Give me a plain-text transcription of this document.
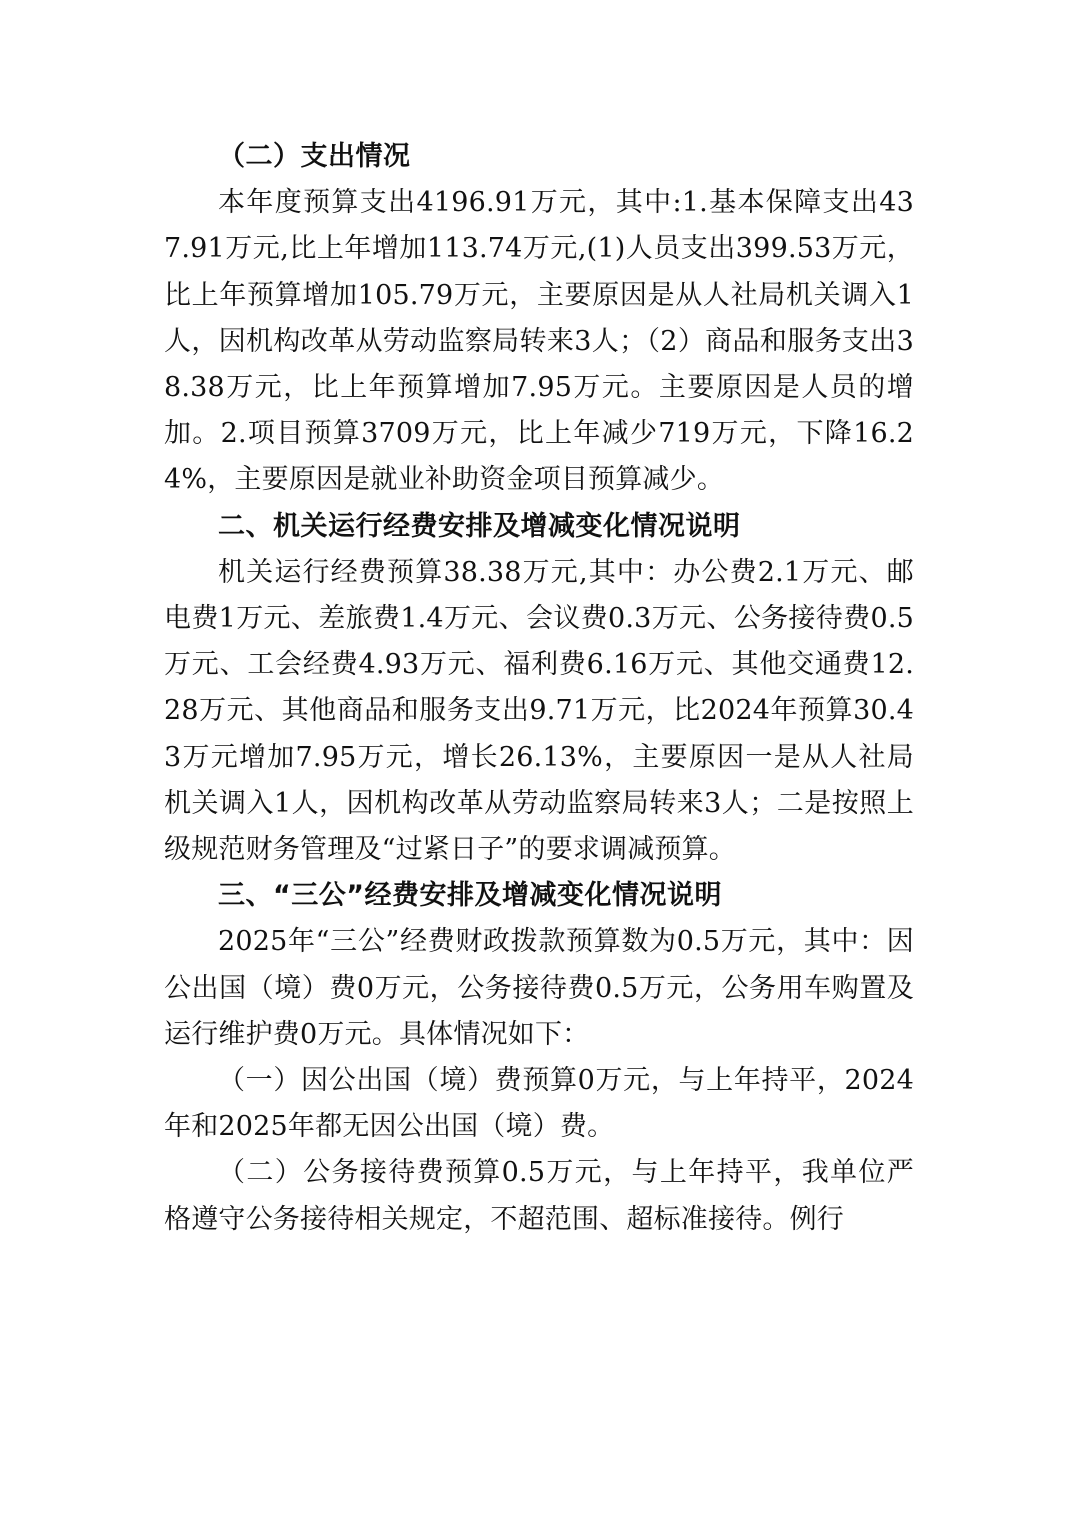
（二）支出情况

本年度预算支出4196.91万元，其中:1.基本保障支出437.91万元,比上年增加113.74万元,(1)人员支出399.53万元，比上年预算增加105.79万元，主要原因是从人社局机关调入1人，因机构改革从劳动监察局转来3人；（2）商品和服务支出38.38万元，比上年预算增加7.95万元。主要原因是人员的增加。2.项目预算3709万元，比上年减少719万元，下降16.24%，主要原因是就业补助资金项目预算减少。

二、机关运行经费安排及增减变化情况说明

机关运行经费预算38.38万元,其中：办公费2.1万元、邮电费1万元、差旅费1.4万元、会议费0.3万元、公务接待费0.5万元、工会经费4.93万元、福利费6.16万元、其他交通费12.28万元、其他商品和服务支出9.71万元，比2024年预算30.43万元增加7.95万元，增长26.13%，主要原因一是从人社局机关调入1人，因机构改革从劳动监察局转来3人；二是按照上级规范财务管理及“过紧日子”的要求调减预算。

三、“三公”经费安排及增减变化情况说明

2025年“三公”经费财政拨款预算数为0.5万元，其中：因公出国（境）费0万元，公务接待费0.5万元，公务用车购置及运行维护费0万元。具体情况如下：

（一）因公出国（境）费预算0万元，与上年持平，2024年和2025年都无因公出国（境）费。

（二）公务接待费预算0.5万元，与上年持平，我单位严格遵守公务接待相关规定，不超范围、超标准接待。例行
